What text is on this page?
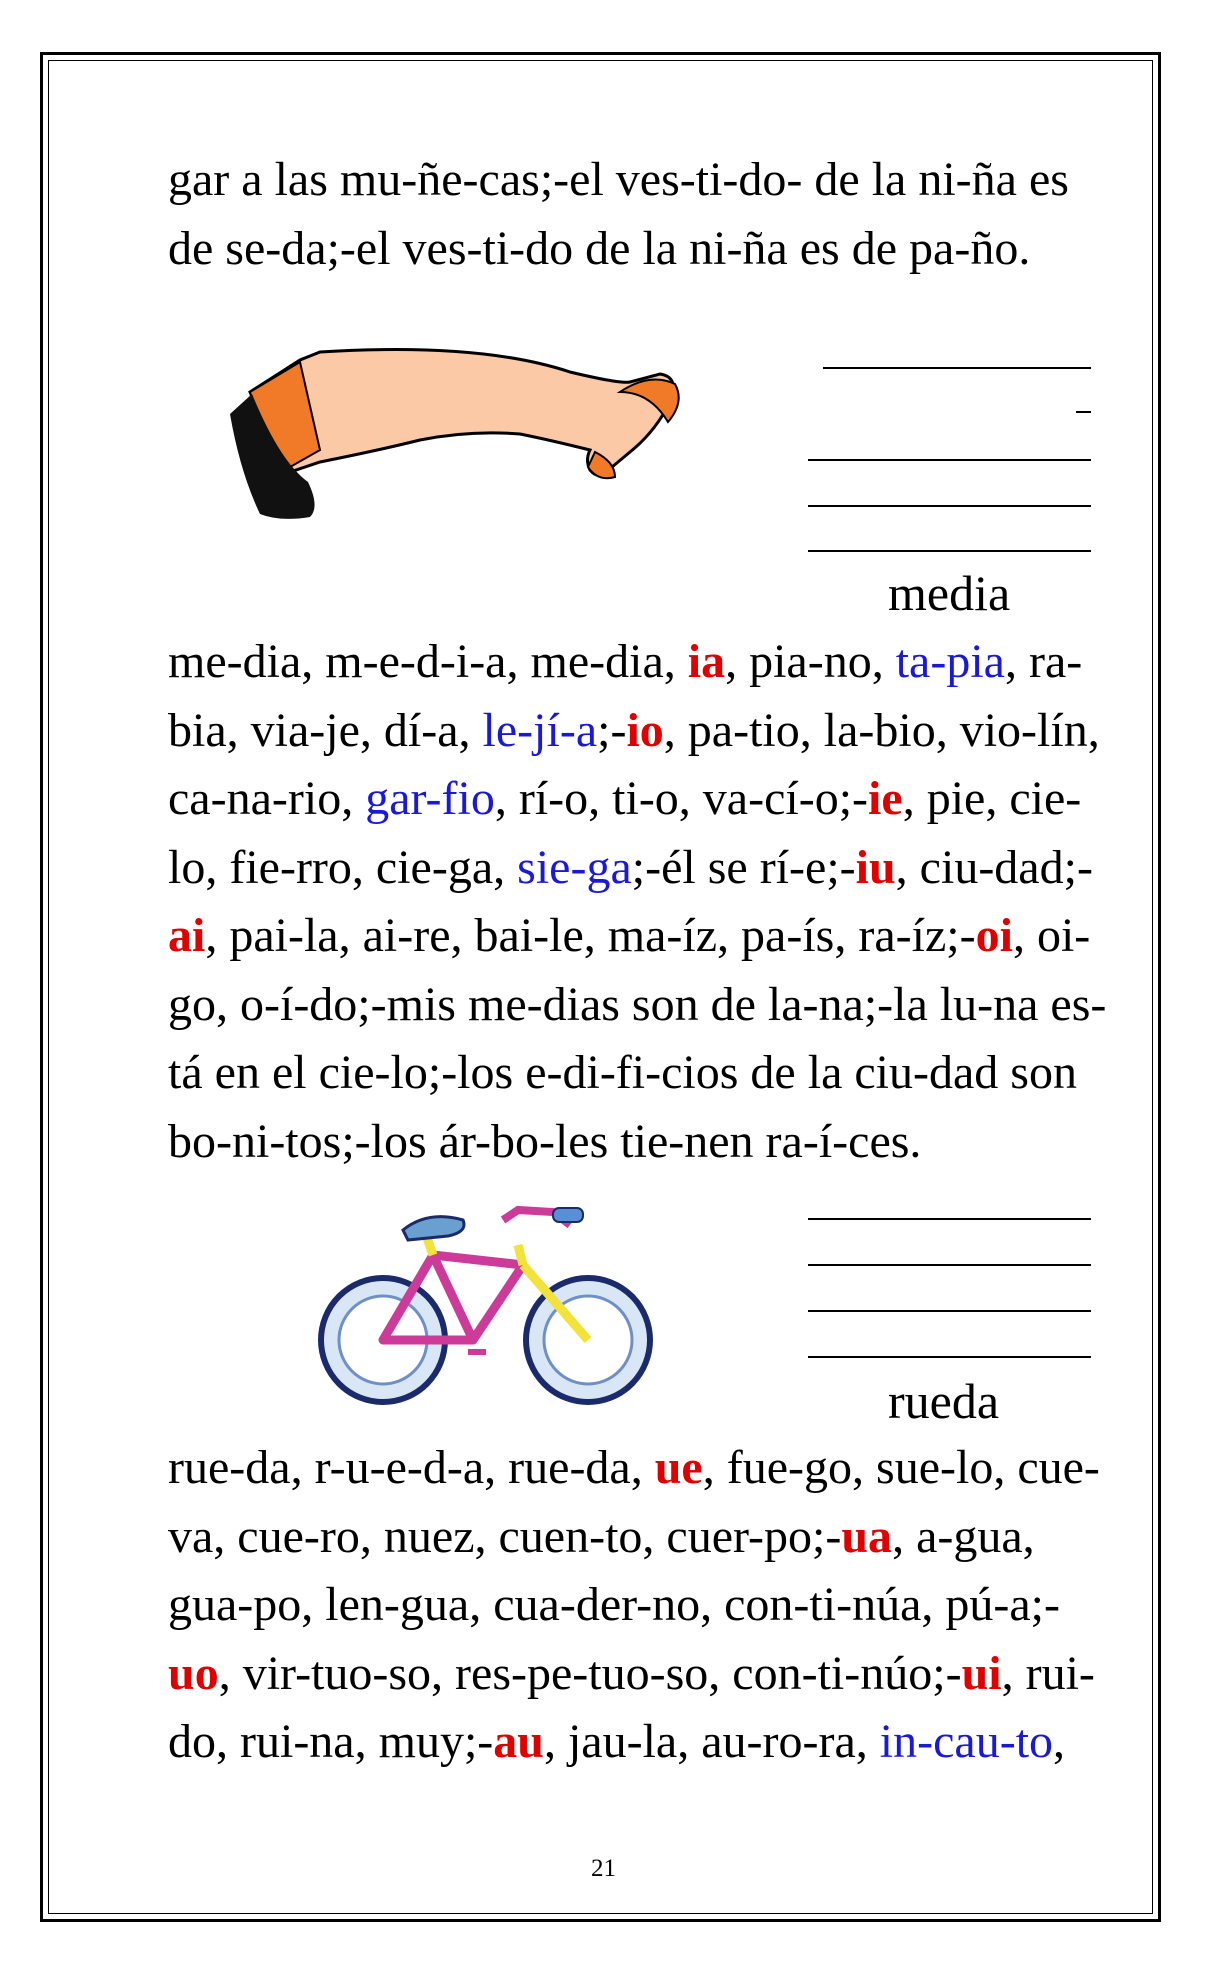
gar a las mu-ñe-cas;-el ves-ti-do- de la ni-ña es
de se-da;-el ves-ti-do de la ni-ña es de pa-ño.
media
me-dia, m-e-d-i-a, me-dia, ia, pia-no, ta-pia, ra-
bia, via-je, dí-a, le-jí-a;-io, pa-tio, la-bio, vio-lín,
ca-na-rio, gar-fio, rí-o, ti-o, va-cí-o;-ie, pie, cie-
lo, fie-rro, cie-ga, sie-ga;-él se rí-e;-iu, ciu-dad;-
ai, pai-la, ai-re, bai-le, ma-íz, pa-ís, ra-íz;-oi, oi-
go, o-í-do;-mis me-dias son de la-na;-la lu-na es-
tá en el cie-lo;-los e-di-fi-cios de la ciu-dad son
bo-ni-tos;-los ár-bo-les tie-nen ra-í-ces.
rueda
rue-da, r-u-e-d-a, rue-da, ue, fue-go, sue-lo, cue-
va, cue-ro, nuez, cuen-to, cuer-po;-ua, a-gua,
gua-po, len-gua, cua-der-no, con-ti-núa, pú-a;-
uo, vir-tuo-so, res-pe-tuo-so, con-ti-núo;-ui, rui-
do, rui-na, muy;-au, jau-la, au-ro-ra, in-cau-to,
21
